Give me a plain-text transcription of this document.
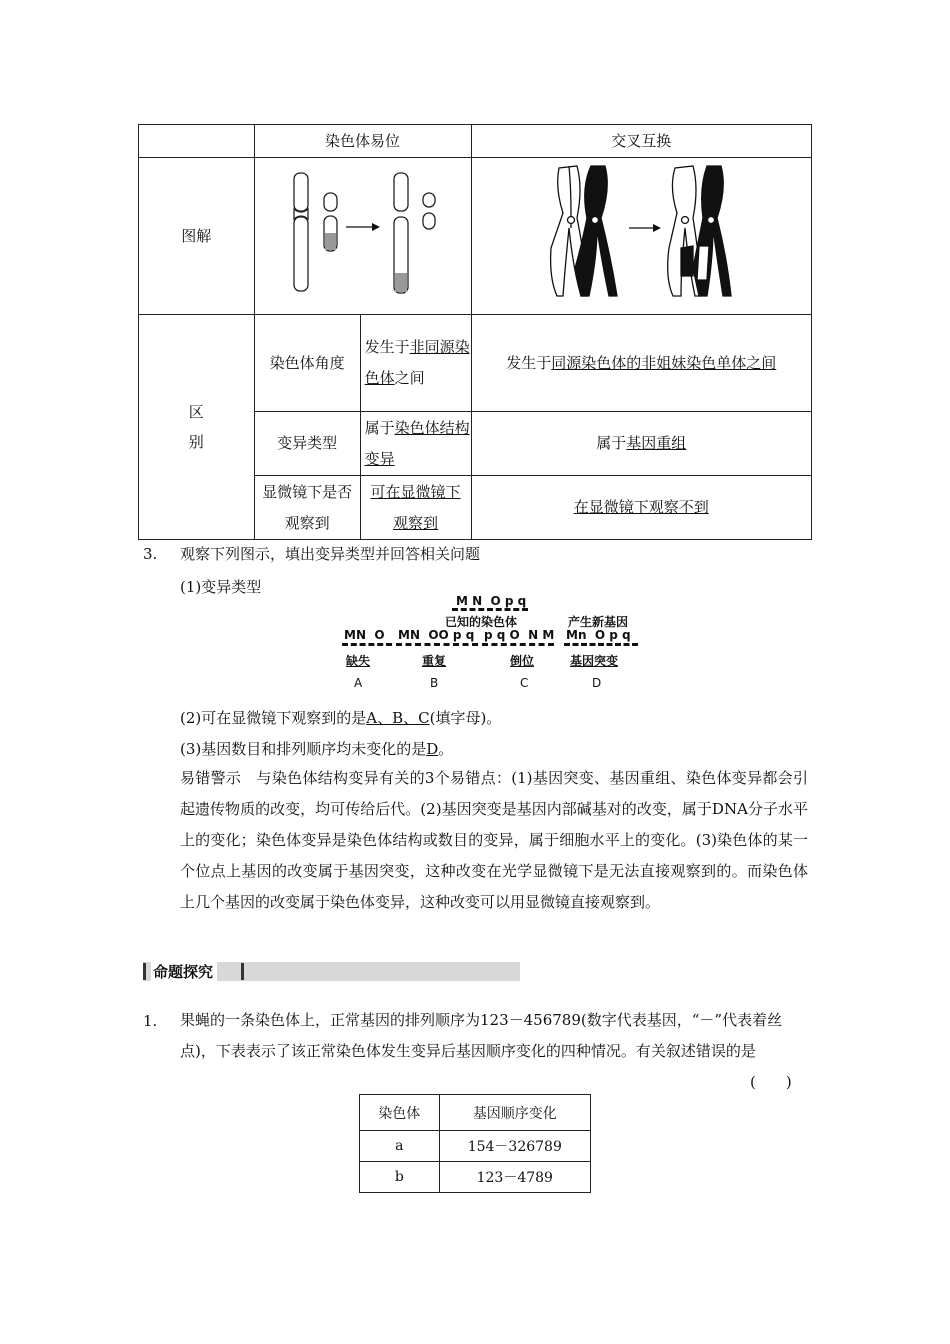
	染色体易位		交叉互换
图解		

区
别	染色体角度	发生于非同源染色体之间	发生于同源染色体的非姐妹染色单体之间
	变异类型	属于染色体结构变异	属于基因重组
	显微镜下是否观察到	可在显微镜下观察到	在显微镜下观察不到
3. 观察下列图示，填出变异类型并回答相关问题
(1)变异类型
M N  O p q
已知的染色体	产生新基因
MN  O
缺失
A
MN  OO p q
重复
B
p q O  N M
倒位
C
Mn  O p q
基因突变
D
(2)可在显微镜下观察到的是A、B、C(填字母)。
(3)基因数目和排列顺序均未变化的是D。
易错警示　 与染色体结构变异有关的3个易错点：(1)基因突变、基因重组、染色体变异都会引起遗传物质的改变，均可传给后代。(2)基因突变是基因内部碱基对的改变，属于DNA分子水平上的变化；染色体变异是染色体结构或数目的变异，属于细胞水平上的变化。(3)染色体的某一个位点上基因的改变属于基因突变，这种改变在光学显微镜下是无法直接观察到的。而染色体上几个基因的改变属于染色体变异，这种改变可以用显微镜直接观察到。
命题探究
1. 果蝇的一条染色体上，正常基因的排列顺序为123－456789(数字代表基因，“－”代表着丝点)，下表表示了该正常染色体发生变异后基因顺序变化的四种情况。有关叙述错误的是
(　　)
染色体	基因顺序变化
a	154－326789
b	123－4789
